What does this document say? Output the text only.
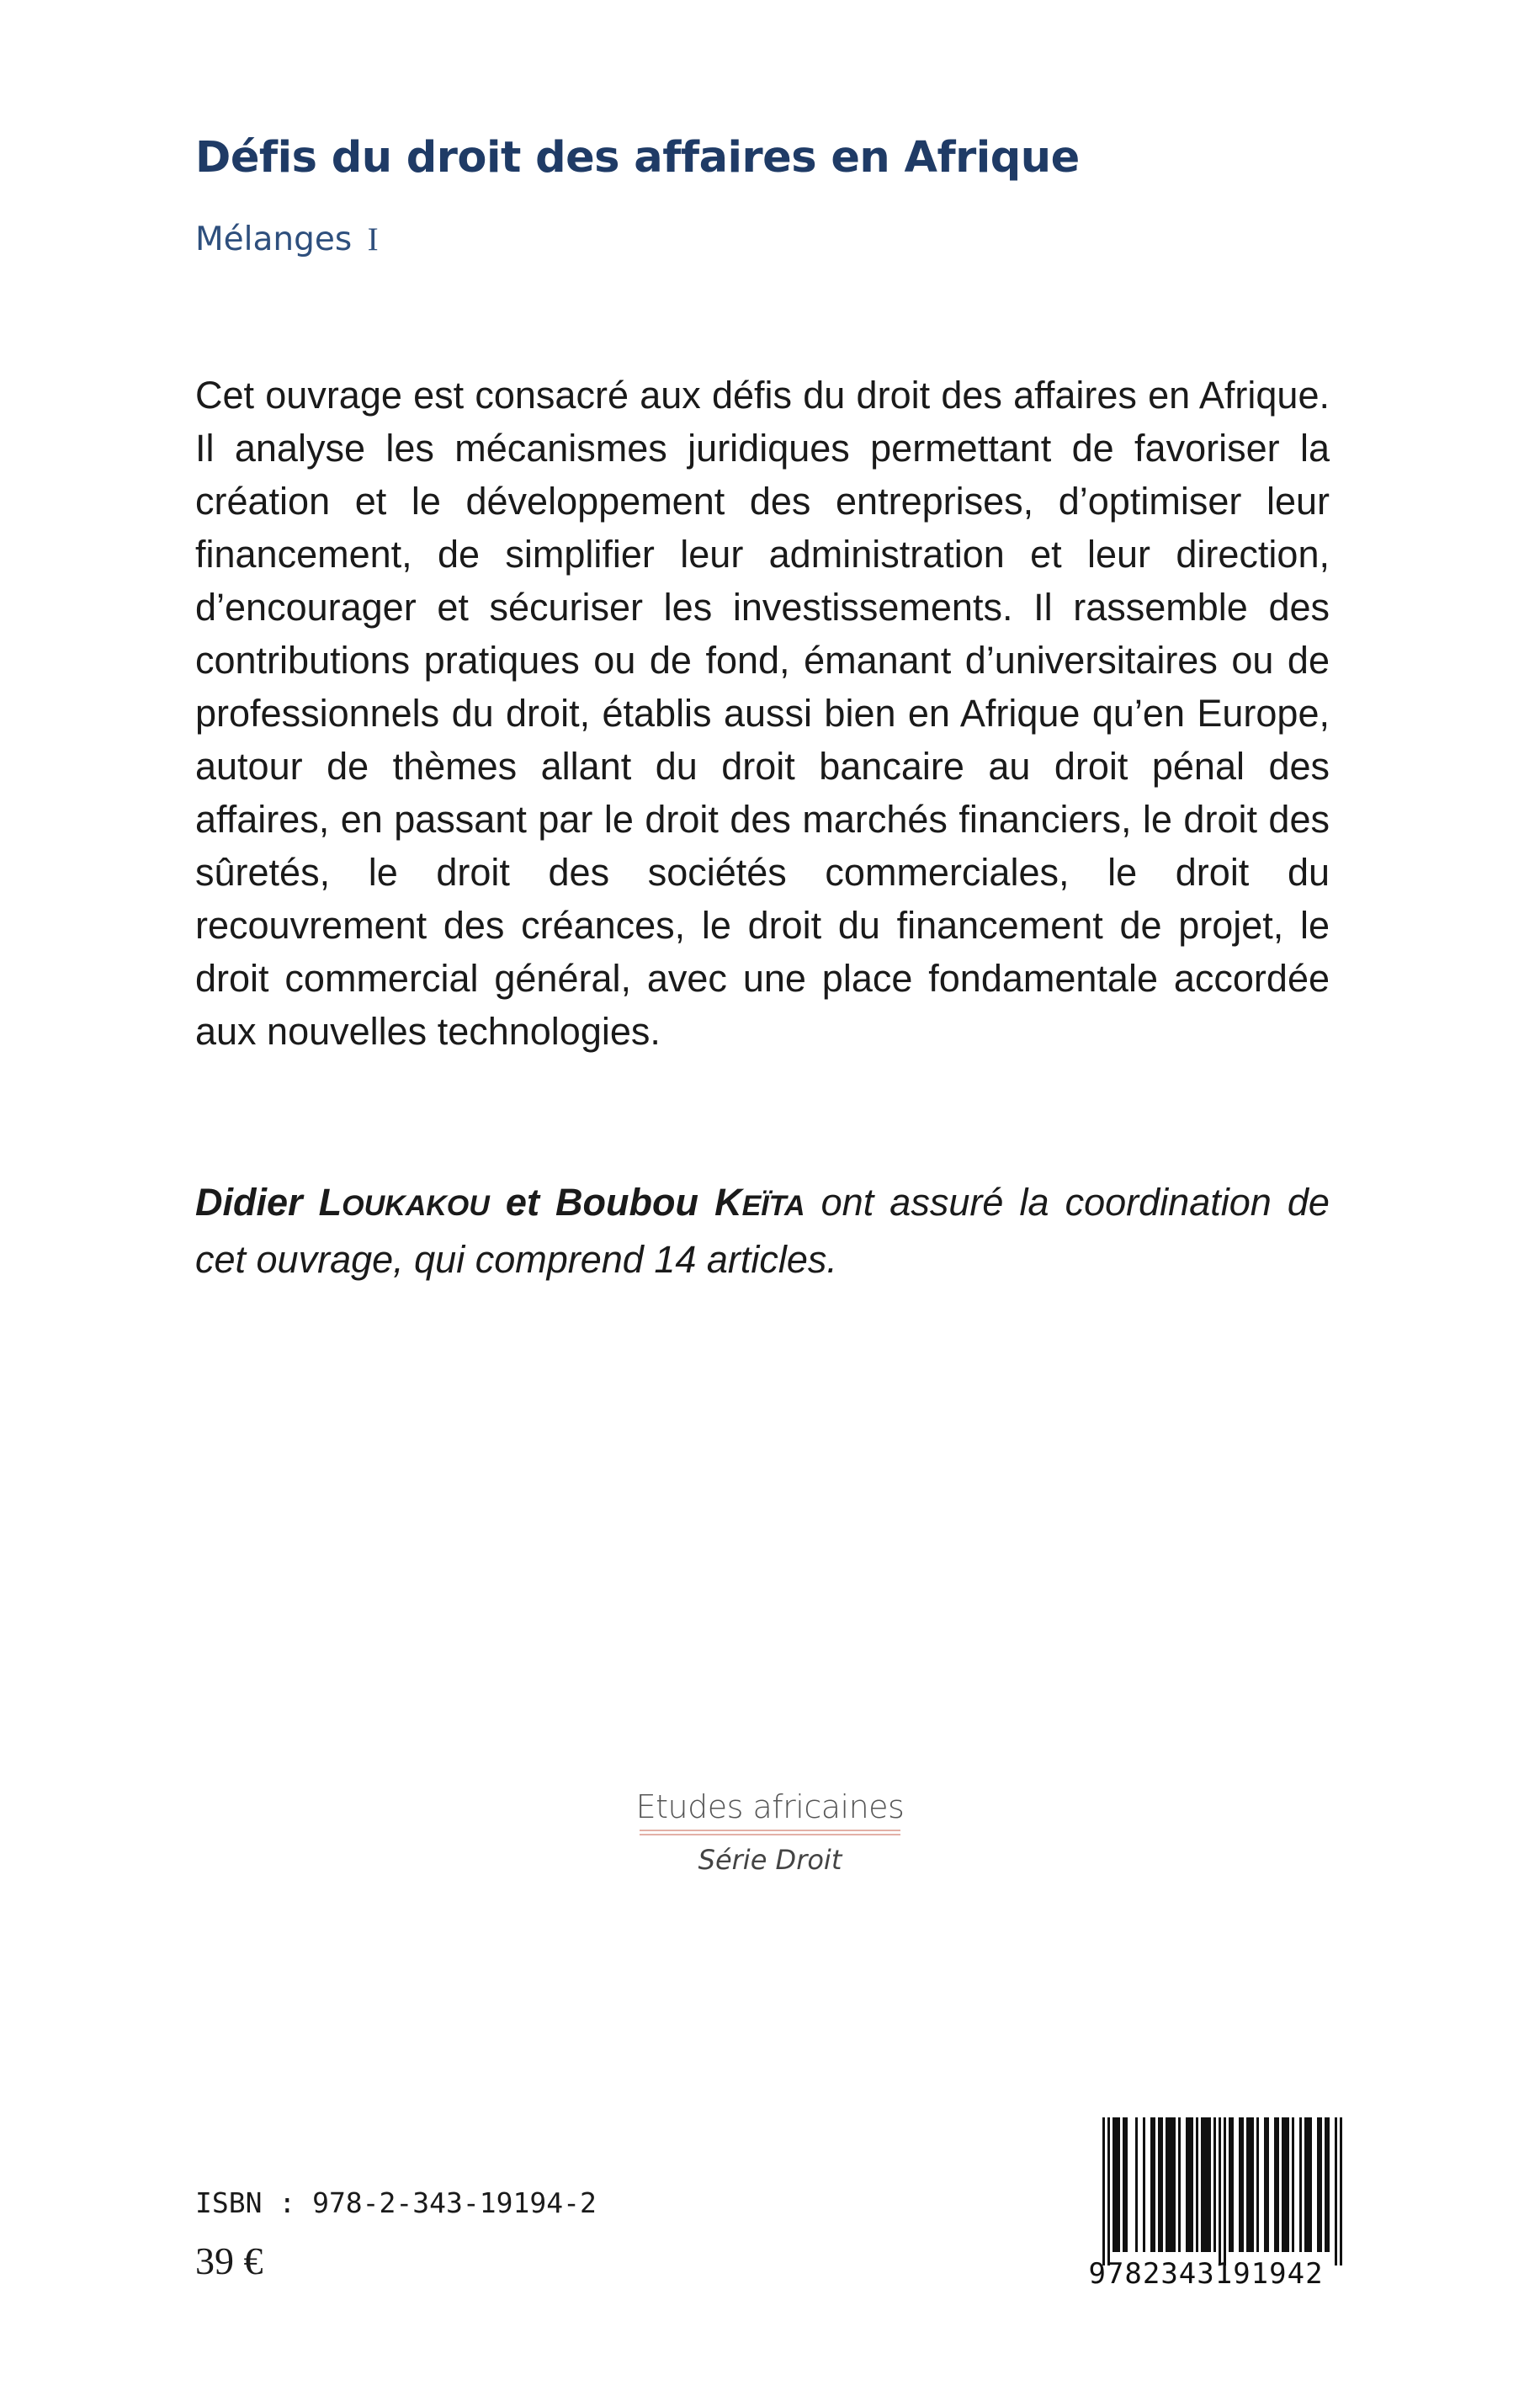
Défis du droit des affaires en Afrique

Mélanges I

Cet ouvrage est consacré aux défis du droit des affaires en Afrique. Il analyse les mécanismes juridiques permettant de favoriser la création et le développement des entreprises, d’optimiser leur financement, de simplifier leur administration et leur direction, d’encourager et sécuriser les investissements. Il rassemble des contributions pratiques ou de fond, émanant d’universitaires ou de professionnels du droit, établis aussi bien en Afrique qu’en Europe, autour de thèmes allant du droit bancaire au droit pénal des affaires, en passant par le droit des marchés financiers, le droit des sûretés, le droit des sociétés commerciales, le droit du recouvrement des créances, le droit du financement de projet, le droit commercial général, avec une place fondamentale accordée aux nouvelles technologies.

Didier LOUKAKOU et Boubou KEÏTA ont assuré la coordination de cet ouvrage, qui comprend 14 articles.

Etudes africaines
Série Droit
ISBN : 978-2-343-19194-2
39 €	9782343191942
